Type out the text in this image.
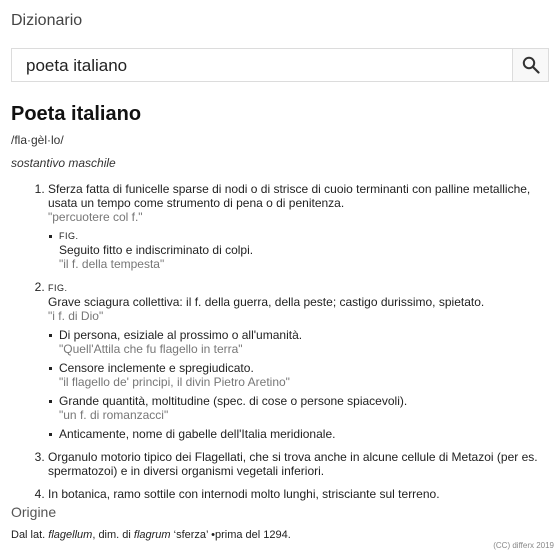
Dizionario
poeta italiano
Poeta italiano
/fla·gèl·lo/
sostantivo maschile
1. Sferza fatta di funicelle sparse di nodi o di strisce di cuoio terminanti con palline metalliche, usata un tempo come strumento di pena o di penitenza.
"percuotere col f."
FIG.
Seguito fitto e indiscriminato di colpi.
"il f. della tempesta"
2. FIG.
Grave sciagura collettiva: il f. della guerra, della peste; castigo durissimo, spietato.
"i f. di Dio"
Di persona, esiziale al prossimo o all'umanità.
"Quell'Attila che fu flagello in terra"
Censore inclemente e spregiudicato.
"il flagello de' principi, il divin Pietro Aretino"
Grande quantità, moltitudine (spec. di cose o persone spiacevoli).
"un f. di romanzacci"
Anticamente, nome di gabelle dell'Italia meridionale.
3. Organulo motorio tipico dei Flagellati, che si trova anche in alcune cellule di Metazoi (per es. spermatozoi) e in diversi organismi vegetali inferiori.
4. In botanica, ramo sottile con internodi molto lunghi, strisciante sul terreno.
Origine
Dal lat. flagellum, dim. di flagrum ‘sferza’ •prima del 1294.
(CC) differx 2019
